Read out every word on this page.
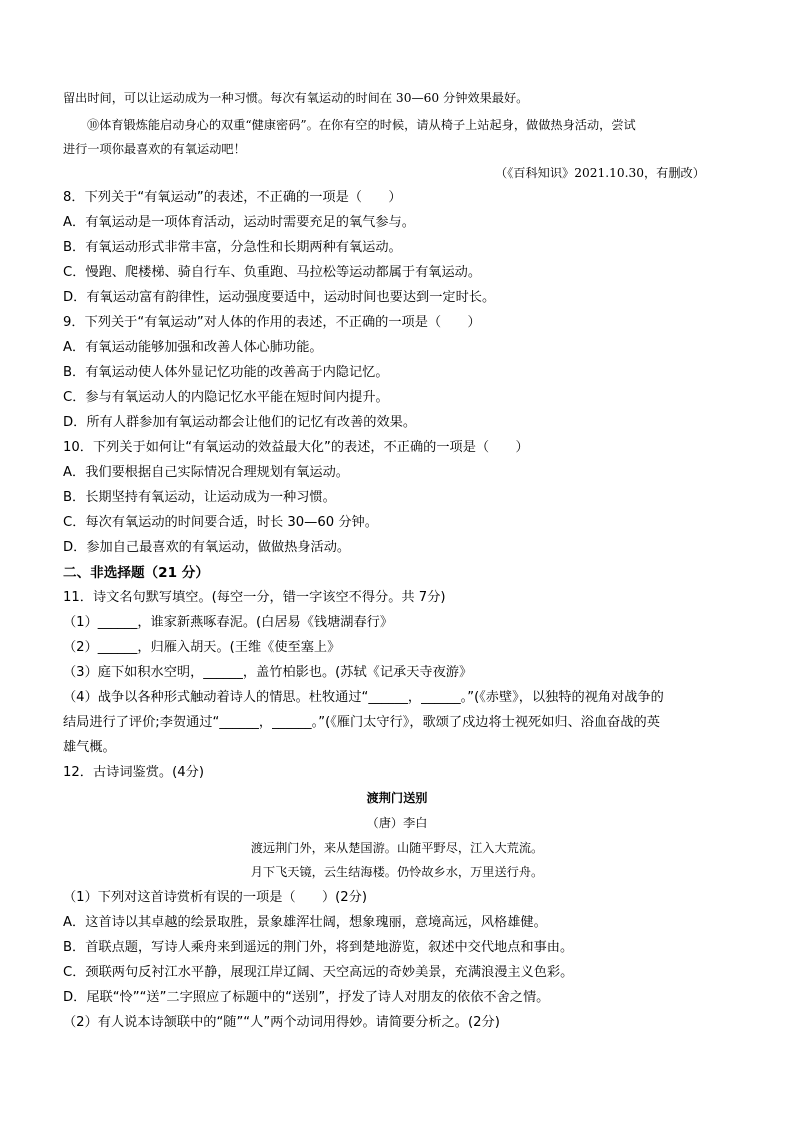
留出时间，可以让运动成为一种习惯。每次有氧运动的时间在 30—60 分钟效果最好。
⑩体育锻炼能启动身心的双重“健康密码”。在你有空的时候，请从椅子上站起身，做做热身活动，尝试
进行一项你最喜欢的有氧运动吧！
（《百科知识》2021.10.30，有删改）
8．下列关于“有氧运动”的表述，不正确的一项是（　　）
A．有氧运动是一项体育活动，运动时需要充足的氧气参与。
B．有氧运动形式非常丰富，分急性和长期两种有氧运动。
C．慢跑、爬楼梯、骑自行车、负重跑、马拉松等运动都属于有氧运动。
D．有氧运动富有韵律性，运动强度要适中，运动时间也要达到一定时长。
9．下列关于“有氧运动”对人体的作用的表述，不正确的一项是（　　）
A．有氧运动能够加强和改善人体心肺功能。
B．有氧运动使人体外显记忆功能的改善高于内隐记忆。
C．参与有氧运动人的内隐记忆水平能在短时间内提升。
D．所有人群参加有氧运动都会让他们的记忆有改善的效果。
10．下列关于如何让“有氧运动的效益最大化”的表述，不正确的一项是（　　）
A．我们要根据自己实际情况合理规划有氧运动。
B．长期坚持有氧运动，让运动成为一种习惯。
C．每次有氧运动的时间要合适，时长 30—60 分钟。
D．参加自己最喜欢的有氧运动，做做热身活动。
二、非选择题（21 分）
11．诗文名句默写填空。(每空一分，错一字该空不得分。共 7分)
（1）______，谁家新燕啄春泥。(白居易《钱塘湖春行》
（2）______，归雁入胡天。(王维《使至塞上》
（3）庭下如积水空明，______，盖竹柏影也。(苏轼《记承天寺夜游》
（4）战争以各种形式触动着诗人的情思。杜牧通过“______，______。”(《赤壁》，以独特的视角对战争的
结局进行了评价;李贺通过“______，______。”(《雁门太守行》，歌颂了戍边将士视死如归、浴血奋战的英
雄气概。
12．古诗词鉴赏。(4分)
渡荆门送别
（唐）李白
渡远荆门外，来从楚国游。山随平野尽，江入大荒流。
月下飞天镜，云生结海楼。仍怜故乡水，万里送行舟。
（1）下列对这首诗赏析有误的一项是（　　）(2分)
A．这首诗以其卓越的绘景取胜，景象雄浑壮阔，想象瑰丽，意境高远，风格雄健。
B．首联点题，写诗人乘舟来到遥远的荆门外，将到楚地游览，叙述中交代地点和事由。
C．颈联两句反衬江水平静，展现江岸辽阔、天空高远的奇妙美景，充满浪漫主义色彩。
D．尾联“怜”“送”二字照应了标题中的“送别”，抒发了诗人对朋友的依依不舍之情。
（2）有人说本诗颔联中的“随”“人”两个动词用得妙。请简要分析之。(2分)
